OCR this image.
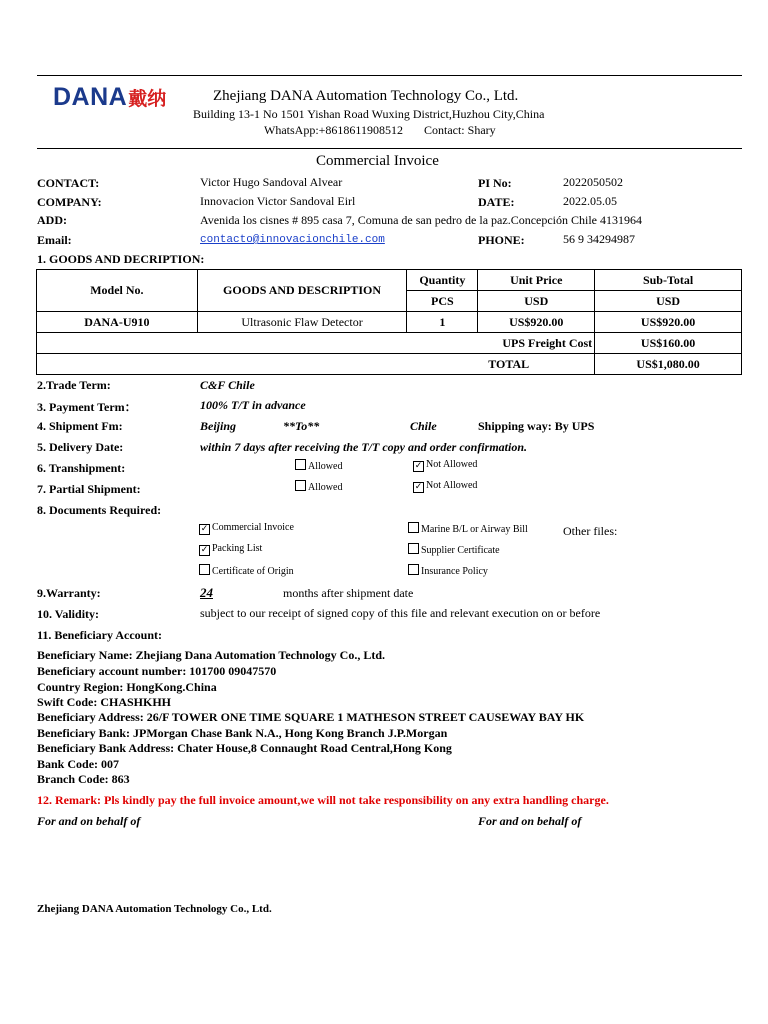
DANA戴纳	Zhejiang DANA Automation Technology Co., Ltd.
Building 13-1 No 1501 Yishan Road Wuxing District,Huzhou City,China
WhatsApp:+8618611908512 Contact: Shary
Commercial Invoice
CONTACT:	Victor Hugo Sandoval Alvear	PI No:	2022050502
COMPANY:	Innovacion Victor Sandoval Eirl	DATE:	2022.05.05
ADD:	Avenida los cisnes # 895 casa 7, Comuna de san pedro de la paz.Concepción Chile 4131964
Email:	contacto@innovacionchile.com	PHONE:	56 9 34294987
1. GOODS AND DECRIPTION:
Model No.	GOODS AND DESCRIPTION	Quantity	Unit Price	Sub-Total
		PCS	USD	USD
DANA-U910	Ultrasonic Flaw Detector	1	US$920.00	US$920.00
UPS Freight Cost				US$160.00
TOTAL				US$1,080.00
2.Trade Term:	C&F Chile
3. Payment Term：	100% T/T in advance
4. Shipment Fm:	Beijing	**To**	Chile	Shipping way: By UPS
5. Delivery Date:	within 7 days after receiving the T/T copy and order confirmation.
6. Transhipment:	Allowed	✓ Not Allowed
7. Partial Shipment:	Allowed	✓ Not Allowed
8. Documents Required:
✓ Commercial Invoice	Marine B/L or Airway Bill	Other files:
✓ Packing List	Supplier Certificate
Certificate of Origin	Insurance Policy
9.Warranty:	24	months after shipment date
10. Validity:	subject to our receipt of signed copy of this file and relevant execution on or before
11. Beneficiary Account:
Beneficiary Name: Zhejiang Dana Automation Technology Co., Ltd.
Beneficiary account number: 101700 09047570
Country Region: HongKong.China
Swift Code: CHASHKHH
Beneficiary Address: 26/F TOWER ONE TIME SQUARE 1 MATHESON STREET CAUSEWAY BAY HK
Beneficiary Bank: JPMorgan Chase Bank N.A., Hong Kong Branch J.P.Morgan
Beneficiary Bank Address: Chater House,8 Connaught Road Central,Hong Kong
Bank Code: 007
Branch Code: 863
12. Remark: Pls kindly pay the full invoice amount,we will not take responsibility on any extra handling charge.
For and on behalf of	For and on behalf of
Zhejiang DANA Automation Technology Co., Ltd.
